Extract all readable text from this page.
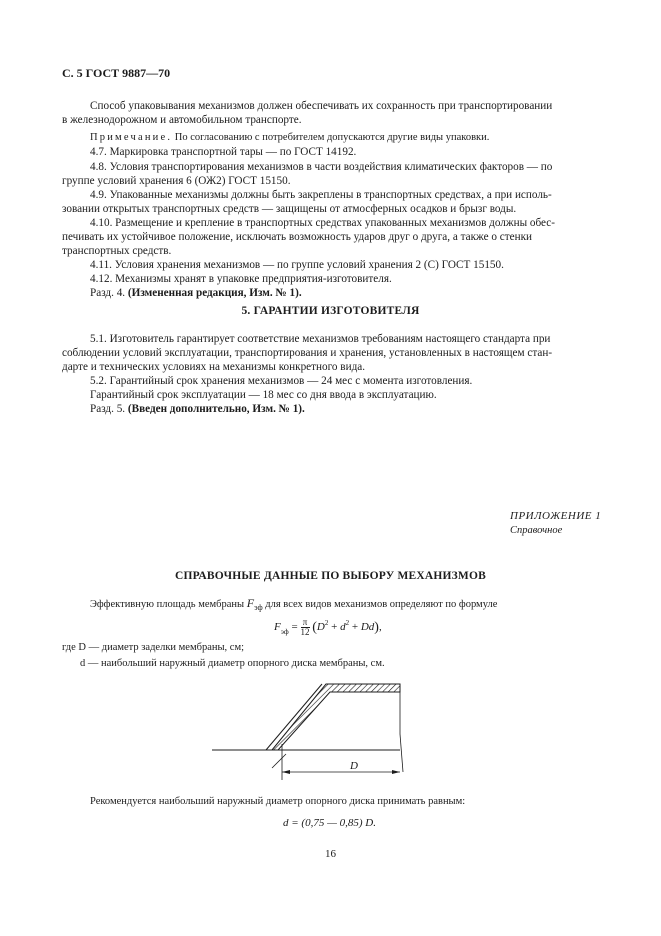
С. 5 ГОСТ 9887—70
Способ упаковывания механизмов должен обеспечивать их сохранность при транспортировании
в железнодорожном и автомобильном транспорте.
Примечание. По согласованию с потребителем допускаются другие виды упаковки.
4.7. Маркировка транспортной тары — по ГОСТ 14192.
4.8. Условия транспортирования механизмов в части воздействия климатических факторов — по
группе условий хранения 6 (ОЖ2) ГОСТ 15150.
4.9. Упакованные механизмы должны быть закреплены в транспортных средствах, а при исполь-
зовании открытых транспортных средств — защищены от атмосферных осадков и брызг воды.
4.10. Размещение и крепление в транспортных средствах упакованных механизмов должны обес-
печивать их устойчивое положение, исключать возможность ударов друг о друга, а также о стенки
транспортных средств.
4.11. Условия хранения механизмов — по группе условий хранения 2 (С) ГОСТ 15150.
4.12. Механизмы хранят в упаковке предприятия-изготовителя.
Разд. 4. (Измененная редакция, Изм. № 1).
5. ГАРАНТИИ ИЗГОТОВИТЕЛЯ
5.1. Изготовитель гарантирует соответствие механизмов требованиям настоящего стандарта при
соблюдении условий эксплуатации, транспортирования и хранения, установленных в настоящем стан-
дарте и технических условиях на механизмы конкретного вида.
5.2. Гарантийный срок хранения механизмов — 24 мес с момента изготовления.
Гарантийный срок эксплуатации — 18 мес со дня ввода в эксплуатацию.
Разд. 5. (Введен дополнительно, Изм. № 1).
ПРИЛОЖЕНИЕ 1
Справочное
СПРАВОЧНЫЕ ДАННЫЕ ПО ВЫБОРУ МЕХАНИЗМОВ
Эффективную площадь мембраны $F_{эф}$ для всех видов механизмов определяют по формуле
Fэф = $\frac{\pi}{12} (D^2 + d^2 + Dd)$,
где D — диаметр заделки мембраны, см;
d — наибольший наружный диаметр опорного диска мембраны, см.
D
Рекомендуется наибольший наружный диаметр опорного диска принимать равным:
d = (0,75 — 0,85) D.
16
